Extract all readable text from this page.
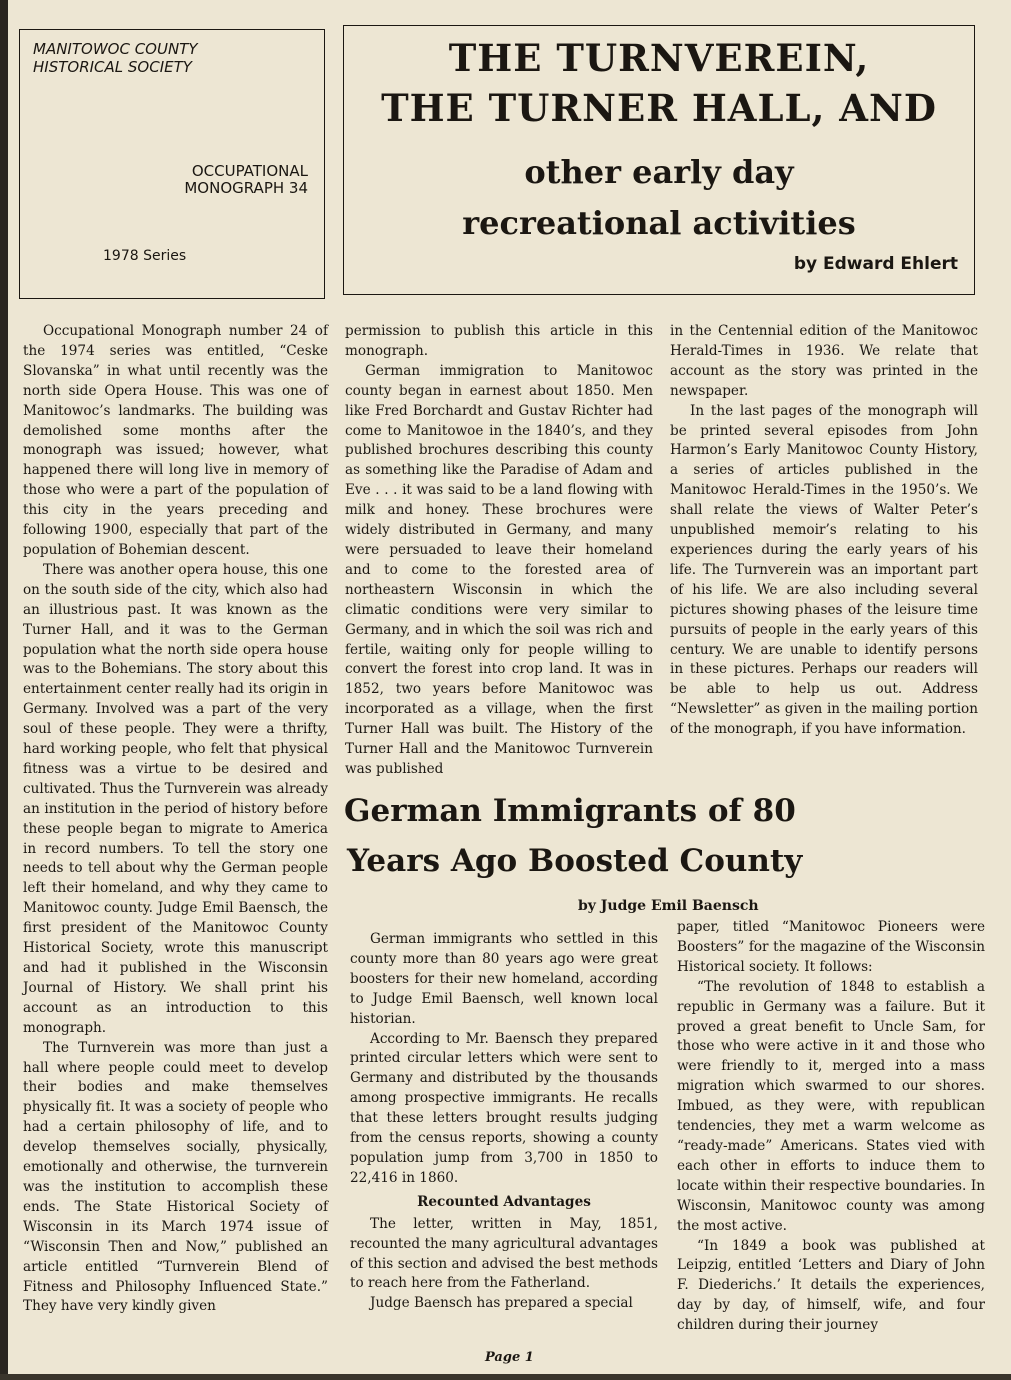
MANITOWOC COUNTY
HISTORICAL SOCIETY
OCCUPATIONAL
MONOGRAPH 34
1978 Series
THE TURNVEREIN,
THE TURNER HALL, AND
other early day
recreational activities
by Edward Ehlert

Occupational Monograph number 24 of the 1974 series was entitled, “Ceske Slovanska” in what until recently was the north side Opera House. This was one of Manitowoc’s landmarks. The building was demolished some months after the monograph was issued; however, what happened there will long live in memory of those who were a part of the population of this city in the years preceding and following 1900, especially that part of the population of Bohemian descent.

There was another opera house, this one on the south side of the city, which also had an illustrious past. It was known as the Turner Hall, and it was to the German population what the north side opera house was to the Bohemians. The story about this entertainment center really had its origin in Germany. Involved was a part of the very soul of these people. They were a thrifty, hard working people, who felt that physical fitness was a virtue to be desired and cultivated. Thus the Turnverein was already an institution in the period of history before these people began to migrate to America in record numbers. To tell the story one needs to tell about why the German people left their homeland, and why they came to Manitowoc county. Judge Emil Baensch, the first president of the Manitowoc County Historical Society, wrote this manuscript and had it published in the Wisconsin Journal of History. We shall print his account as an introduction to this monograph.

The Turnverein was more than just a hall where people could meet to develop their bodies and make themselves physically fit. It was a society of people who had a certain philosophy of life, and to develop themselves socially, physically, emotionally and otherwise, the turnverein was the institution to accomplish these ends. The State Historical Society of Wisconsin in its March 1974 issue of “Wisconsin Then and Now,” published an article entitled “Turnverein Blend of Fitness and Philosophy Influenced State.” They have very kindly given

permission to publish this article in this monograph.

German immigration to Manitowoc county began in earnest about 1850. Men like Fred Borchardt and Gustav Richter had come to Manitowoe in the 1840’s, and they published brochures describing this county as something like the Paradise of Adam and Eve . . . it was said to be a land flowing with milk and honey. These brochures were widely distributed in Germany, and many were persuaded to leave their homeland and to come to the forested area of northeastern Wisconsin in which the climatic conditions were very similar to Germany, and in which the soil was rich and fertile, waiting only for people willing to convert the forest into crop land. It was in 1852, two years before Manitowoc was incorporated as a village, when the first Turner Hall was built. The History of the Turner Hall and the Manitowoc Turnverein was published

in the Centennial edition of the Manitowoc Herald-Times in 1936. We relate that account as the story was printed in the newspaper.

In the last pages of the monograph will be printed several episodes from John Harmon’s Early Manitowoc County History, a series of articles published in the Manitowoc Herald-Times in the 1950’s. We shall relate the views of Walter Peter’s unpublished memoir’s relating to his experiences during the early years of his life. The Turnverein was an important part of his life. We are also including several pictures showing phases of the leisure time pursuits of people in the early years of this century. We are unable to identify persons in these pictures. Perhaps our readers will be able to help us out. Address “Newsletter” as given in the mailing portion of the monograph, if you have information.

German Immigrants of 80
Years Ago Boosted County
by Judge Emil Baensch

German immigrants who settled in this county more than 80 years ago were great boosters for their new homeland, according to Judge Emil Baensch, well known local historian.

According to Mr. Baensch they prepared printed circular letters which were sent to Germany and distributed by the thousands among prospective immigrants. He recalls that these letters brought results judging from the census reports, showing a county population jump from 3,700 in 1850 to 22,416 in 1860.

Recounted Advantages

The letter, written in May, 1851, recounted the many agricultural advantages of this section and advised the best methods to reach here from the Fatherland.

Judge Baensch has prepared a special

paper, titled “Manitowoc Pioneers were Boosters” for the magazine of the Wisconsin Historical society. It follows:

“The revolution of 1848 to establish a republic in Germany was a failure. But it proved a great benefit to Uncle Sam, for those who were active in it and those who were friendly to it, merged into a mass migration which swarmed to our shores. Imbued, as they were, with republican tendencies, they met a warm welcome as “ready-made” Americans. States vied with each other in efforts to induce them to locate within their respective boundaries. In Wisconsin, Manitowoc county was among the most active.

“In 1849 a book was published at Leipzig, entitled ‘Letters and Diary of John F. Diederichs.’ It details the experiences, day by day, of himself, wife, and four children during their journey

Page 1
